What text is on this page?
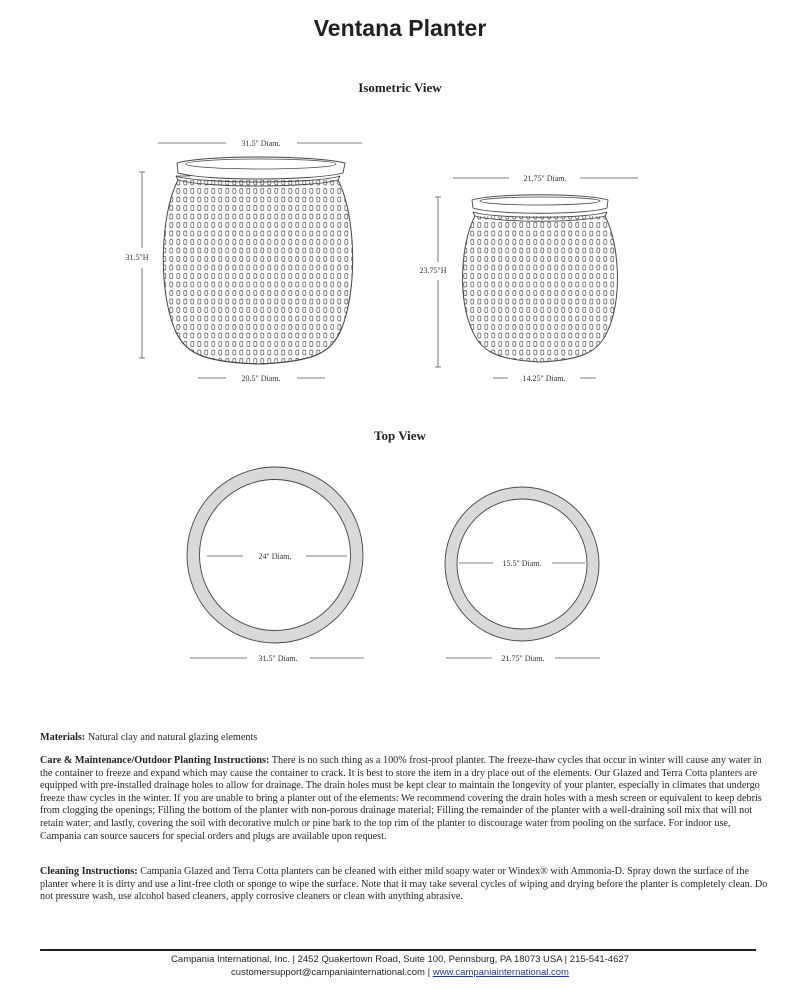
Ventana Planter
Isometric View
Top View
31.5" Diam.
31.5"H
20.5" Diam.
21.75" Diam.
23.75"H
14.25" Diam.
24" Diam.
31.5" Diam.
15.5" Diam.
21.75" Diam.
Materials: Natural clay and natural glazing elements
Care & Maintenance/Outdoor Planting Instructions: There is no such thing as a 100% frost-proof planter. The freeze-thaw cycles that occur in winter will cause any water in the container to freeze and expand which may cause the container to crack. It is best to store the item in a dry place out of the elements. Our Glazed and Terra Cotta planters are equipped with pre-installed drainage holes to allow for drainage. The drain holes must be kept clear to maintain the longevity of your planter, especially in climates that undergo freeze thaw cycles in the winter. If you are unable to bring a planter out of the elements: We recommend covering the drain holes with a mesh screen or equivalent to keep debris from clogging the openings; Filling the bottom of the planter with non-porous drainage material; Filling the remainder of the planter with a well-draining soil mix that will not retain water; and lastly, covering the soil with decorative mulch or pine bark to the top rim of the planter to discourage water from pooling on the surface. For indoor use, Campania can source saucers for special orders and plugs are available upon request.
Cleaning Instructions: Campania Glazed and Terra Cotta planters can be cleaned with either mild soapy water or Windex® with Ammonia-D. Spray down the surface of the planter where it is dirty and use a lint-free cloth or sponge to wipe the surface. Note that it may take several cycles of wiping and drying before the planter is completely clean. Do not pressure wash, use alcohol based cleaners, apply corrosive cleaners or clean with anything abrasive.
Campania International, Inc. | 2452 Quakertown Road, Suite 100, Pennsburg, PA 18073 USA | 215-541-4627
customersupport@campaniainternational.com | www.campaniainternational.com
